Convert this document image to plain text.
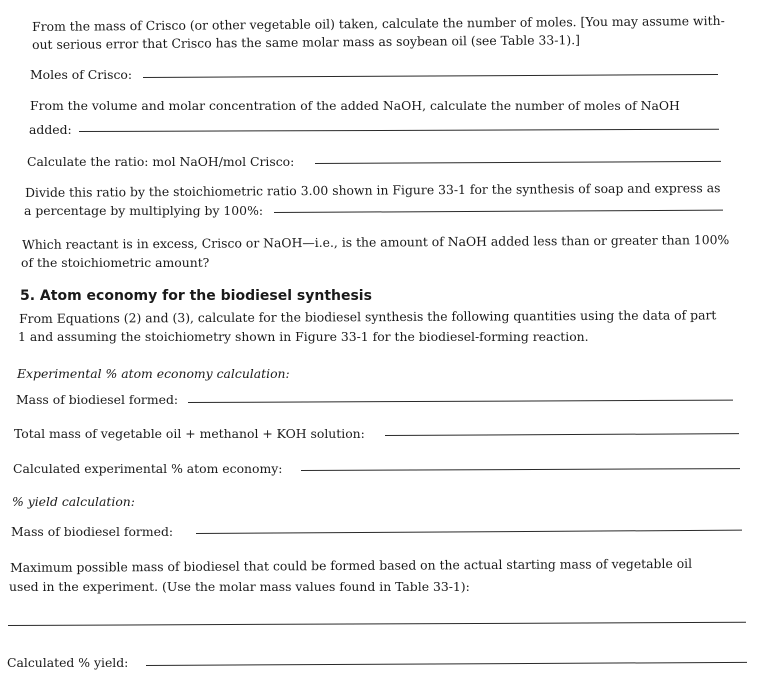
From the mass of Crisco (or other vegetable oil) taken, calculate the number of moles. [You may assume with-
out serious error that Crisco has the same molar mass as soybean oil (see Table 33-1).]
Moles of Crisco:
From the volume and molar concentration of the added NaOH, calculate the number of moles of NaOH
added:
Calculate the ratio: mol NaOH/mol Crisco:
Divide this ratio by the stoichiometric ratio 3.00 shown in Figure 33-1 for the synthesis of soap and express as
a percentage by multiplying by 100%:
Which reactant is in excess, Crisco or NaOH—i.e., is the amount of NaOH added less than or greater than 100%
of the stoichiometric amount?
5. Atom economy for the biodiesel synthesis
From Equations (2) and (3), calculate for the biodiesel synthesis the following quantities using the data of part
1 and assuming the stoichiometry shown in Figure 33-1 for the biodiesel-forming reaction.
Experimental % atom economy calculation:
Mass of biodiesel formed:
Total mass of vegetable oil + methanol + KOH solution:
Calculated experimental % atom economy:
% yield calculation:
Mass of biodiesel formed:
Maximum possible mass of biodiesel that could be formed based on the actual starting mass of vegetable oil
used in the experiment. (Use the molar mass values found in Table 33-1):
Calculated % yield:
